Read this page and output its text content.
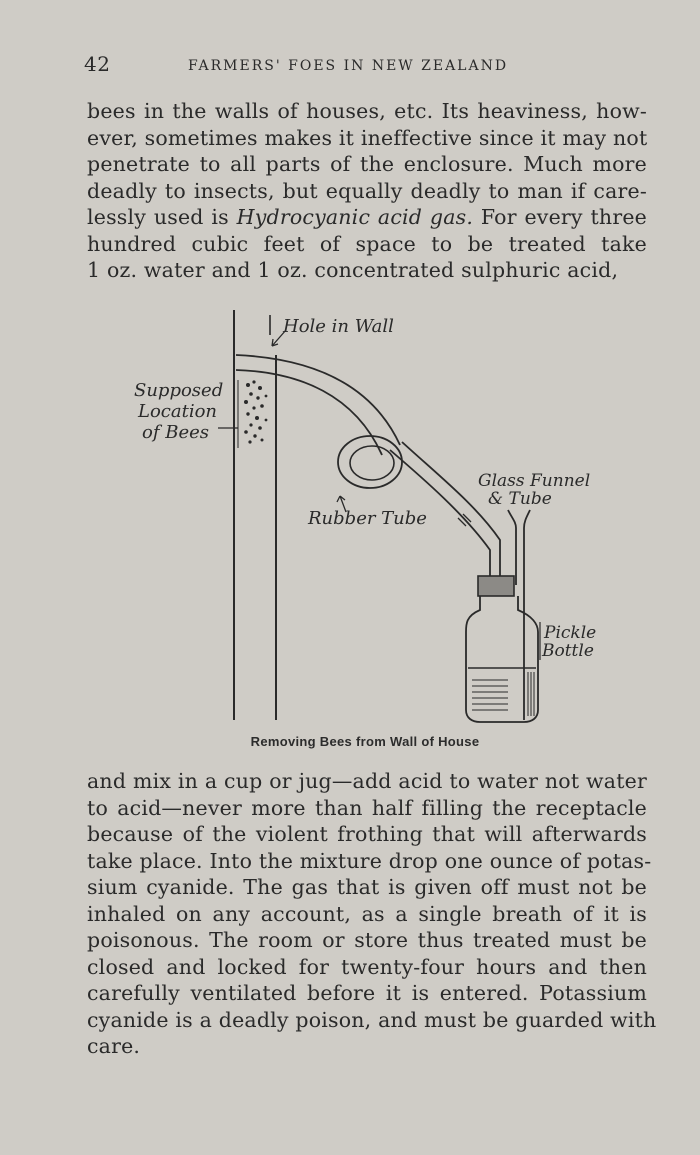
42	FARMERS' FOES IN NEW ZEALAND
bees in the walls of houses, etc. Its heaviness, how-
ever, sometimes makes it ineffective since it may not
penetrate to all parts of the enclosure. Much more
deadly to insects, but equally deadly to man if care-
lessly used is Hydrocyanic acid gas. For every three
hundred cubic feet of space to be treated take
1 oz. water and 1 oz. concentrated sulphuric acid,
Hole in Wall
Supposed
Location
of Bees
Rubber Tube
Glass Funnel
& Tube
Pickle
Bottle
Removing Bees from Wall of House
and mix in a cup or jug—add acid to water not water
to acid—never more than half filling the receptacle
because of the violent frothing that will afterwards
take place. Into the mixture drop one ounce of potas-
sium cyanide. The gas that is given off must not be
inhaled on any account, as a single breath of it is
poisonous. The room or store thus treated must be
closed and locked for twenty-four hours and then
carefully ventilated before it is entered. Potassium
cyanide is a deadly poison, and must be guarded with
care.
